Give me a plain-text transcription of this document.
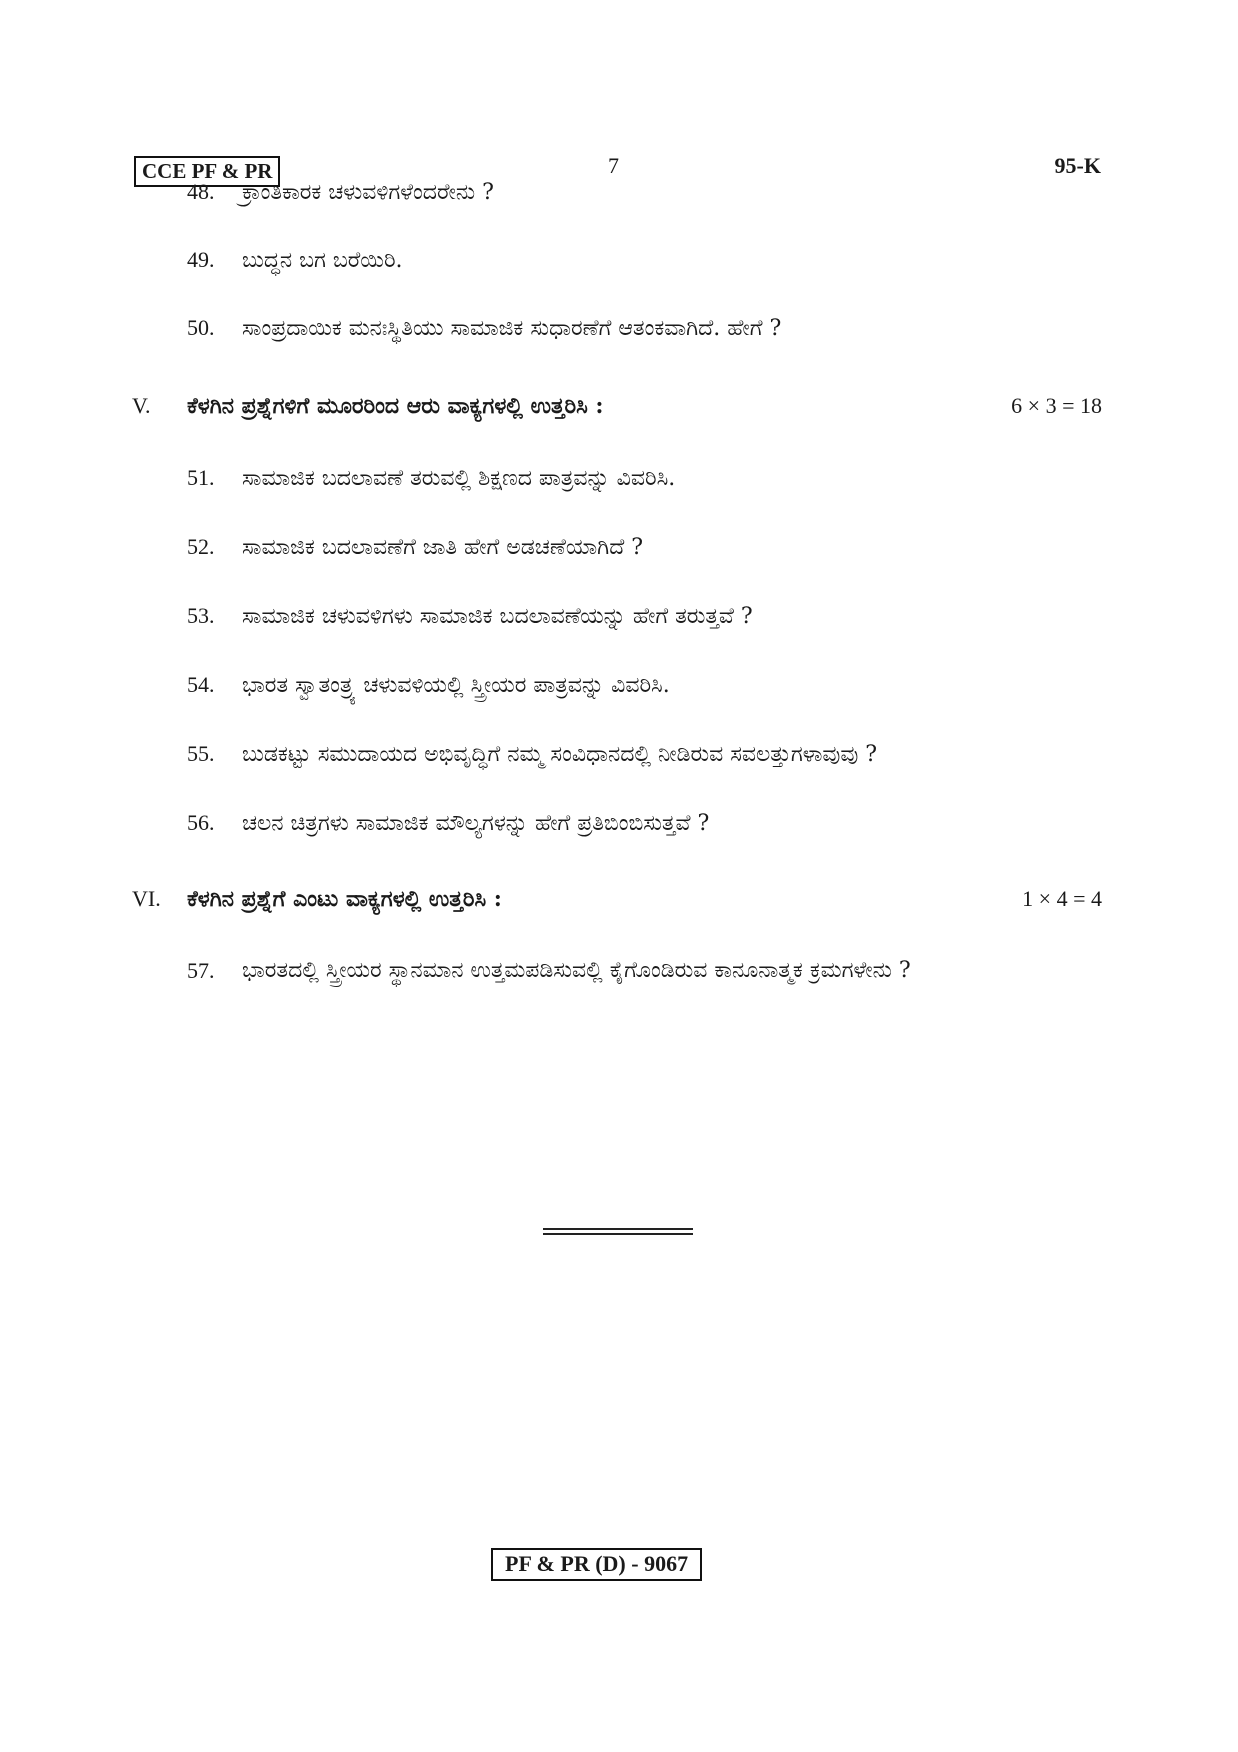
CCE PF & PR	7	95-K
48. ಕ್ರಾಂತಿಕಾರಕ ಚಳುವಳಿಗಳೆಂದರೇನು ?
49. ಬುದ್ಧನ ಬಗ ಬರೆಯಿರಿ.
50. ಸಾಂಪ್ರದಾಯಿಕ ಮನಃಸ್ಥಿತಿಯು ಸಾಮಾಜಿಕ ಸುಧಾರಣೆಗೆ ಆತಂಕವಾಗಿದೆ. ಹೇಗೆ ?
V. ಕೆಳಗಿನ ಪ್ರಶ್ನೆಗಳಿಗೆ ಮೂರರಿಂದ ಆರು ವಾಕ್ಯಗಳಲ್ಲಿ ಉತ್ತರಿಸಿ :	6 × 3 = 18
51. ಸಾಮಾಜಿಕ ಬದಲಾವಣೆ ತರುವಲ್ಲಿ ಶಿಕ್ಷಣದ ಪಾತ್ರವನ್ನು ವಿವರಿಸಿ.
52. ಸಾಮಾಜಿಕ ಬದಲಾವಣೆಗೆ ಜಾತಿ ಹೇಗೆ ಅಡಚಣೆಯಾಗಿದೆ ?
53. ಸಾಮಾಜಿಕ ಚಳುವಳಿಗಳು ಸಾಮಾಜಿಕ ಬದಲಾವಣೆಯನ್ನು ಹೇಗೆ ತರುತ್ತವೆ ?
54. ಭಾರತ ಸ್ವಾತಂತ್ರ್ಯ ಚಳುವಳಿಯಲ್ಲಿ ಸ್ತ್ರೀಯರ ಪಾತ್ರವನ್ನು ವಿವರಿಸಿ.
55. ಬುಡಕಟ್ಟು ಸಮುದಾಯದ ಅಭಿವೃದ್ಧಿಗೆ ನಮ್ಮ ಸಂವಿಧಾನದಲ್ಲಿ ನೀಡಿರುವ ಸವಲತ್ತುಗಳಾವುವು ?
56. ಚಲನ ಚಿತ್ರಗಳು ಸಾಮಾಜಿಕ ಮೌಲ್ಯಗಳನ್ನು ಹೇಗೆ ಪ್ರತಿಬಿಂಬಿಸುತ್ತವೆ ?
VI. ಕೆಳಗಿನ ಪ್ರಶ್ನೆಗೆ ಎಂಟು ವಾಕ್ಯಗಳಲ್ಲಿ ಉತ್ತರಿಸಿ :	1 × 4 = 4
57. ಭಾರತದಲ್ಲಿ ಸ್ತ್ರೀಯರ ಸ್ಥಾನಮಾನ ಉತ್ತಮಪಡಿಸುವಲ್ಲಿ ಕೈಗೊಂಡಿರುವ ಕಾನೂನಾತ್ಮಕ ಕ್ರಮಗಳೇನು ?
PF & PR (D) - 9067
